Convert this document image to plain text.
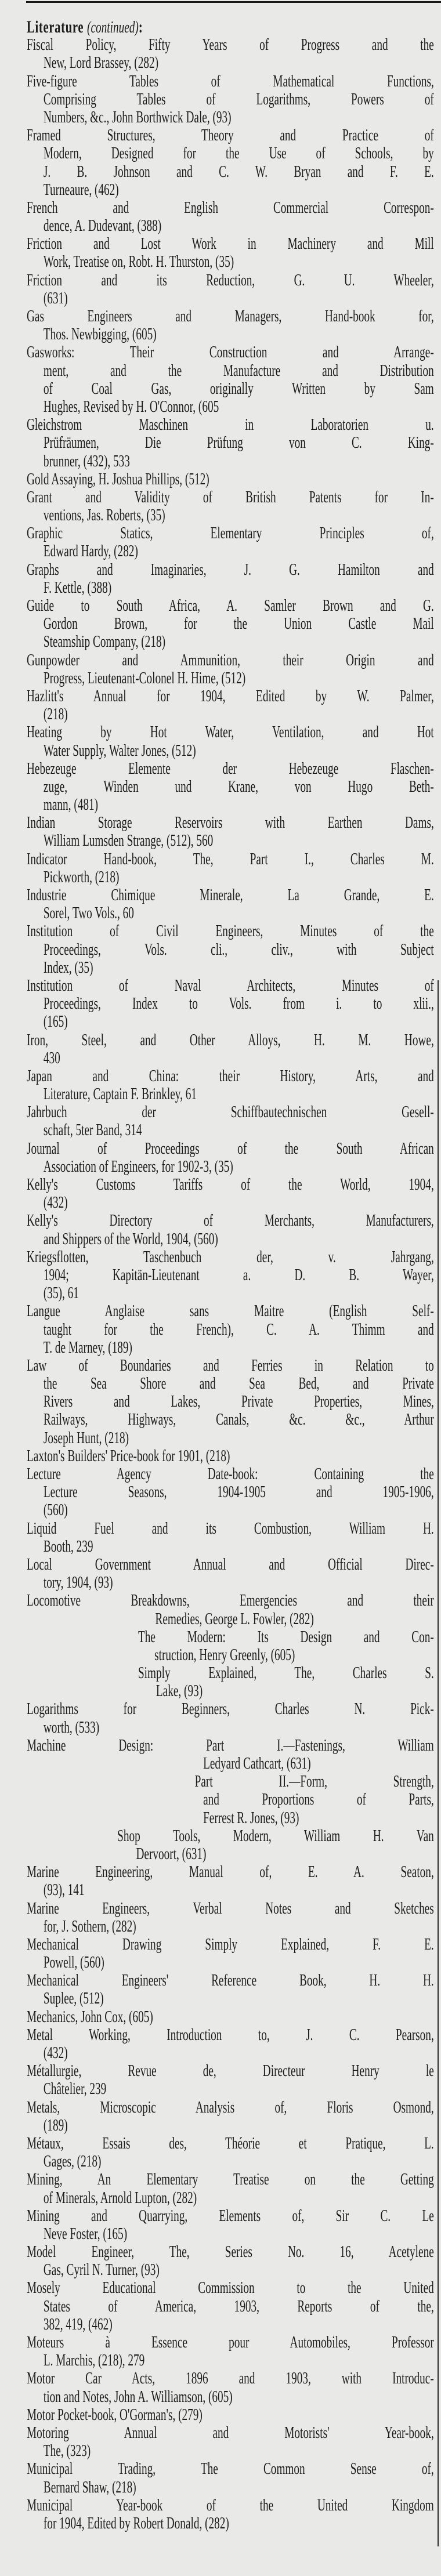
Literature (continued):
Fiscal Policy, Fifty Years of Progress and the
New, Lord Brassey, (282)
Five-figure Tables of Mathematical Functions,
Comprising Tables of Logarithms, Powers of
Numbers, &c., John Borthwick Dale, (93)
Framed Structures, Theory and Practice of
Modern, Designed for the Use of Schools, by
J. B. Johnson and C. W. Bryan and F. E.
Turneaure, (462)
French and English Commercial Correspon-
dence, A. Dudevant, (388)
Friction and Lost Work in Machinery and Mill
Work, Treatise on, Robt. H. Thurston, (35)
Friction and its Reduction, G. U. Wheeler,
(631)
Gas Engineers and Managers, Hand-book for,
Thos. Newbigging, (605)
Gasworks: Their Construction and Arrange-
ment, and the Manufacture and Distribution
of Coal Gas, originally Written by Sam
Hughes, Revised by H. O'Connor, (605
Gleichstrom Maschinen in Laboratorien u.
Prüfräumen, Die Prüfung von C. King-
brunner, (432), 533
Gold Assaying, H. Joshua Phillips, (512)
Grant and Validity of British Patents for In-
ventions, Jas. Roberts, (35)
Graphic Statics, Elementary Principles of,
Edward Hardy, (282)
Graphs and Imaginaries, J. G. Hamilton and
F. Kettle, (388)
Guide to South Africa, A. Samler Brown and G.
Gordon Brown, for the Union Castle Mail
Steamship Company, (218)
Gunpowder and Ammunition, their Origin and
Progress, Lieutenant-Colonel H. Hime, (512)
Hazlitt's Annual for 1904, Edited by W. Palmer,
(218)
Heating by Hot Water, Ventilation, and Hot
Water Supply, Walter Jones, (512)
Hebezeuge Elemente der Hebezeuge Flaschen-
zuge, Winden und Krane, von Hugo Beth-
mann, (481)
Indian Storage Reservoirs with Earthen Dams,
William Lumsden Strange, (512), 560
Indicator Hand-book, The, Part I., Charles M.
Pickworth, (218)
Industrie Chimique Minerale, La Grande, E.
Sorel, Two Vols., 60
Institution of Civil Engineers, Minutes of the
Proceedings, Vols. cli., cliv., with Subject
Index, (35)
Institution of Naval Architects, Minutes of
Proceedings, Index to Vols. from i. to xlii.,
(165)
Iron, Steel, and Other Alloys, H. M. Howe,
430
Japan and China: their History, Arts, and
Literature, Captain F. Brinkley, 61
Jahrbuch der Schiffbautechnischen Gesell-
schaft, 5ter Band, 314
Journal of Proceedings of the South African
Association of Engineers, for 1902-3, (35)
Kelly's Customs Tariffs of the World, 1904,
(432)
Kelly's Directory of Merchants, Manufacturers,
and Shippers of the World, 1904, (560)
Kriegsflotten, Taschenbuch der, v. Jahrgang,
1904; Kapitän-Lieutenant a. D. B. Wayer,
(35), 61
Langue Anglaise sans Maitre (English Self-
taught for the French), C. A. Thimm and
T. de Marney, (189)
Law of Boundaries and Ferries in Relation to
the Sea Shore and Sea Bed, and Private
Rivers and Lakes, Private Properties, Mines,
Railways, Highways, Canals, &c. &c., Arthur
Joseph Hunt, (218)
Laxton's Builders' Price-book for 1901, (218)
Lecture Agency Date-book: Containing the
Lecture Seasons, 1904-1905 and 1905-1906,
(560)
Liquid Fuel and its Combustion, William H.
Booth, 239
Local Government Annual and Official Direc-
tory, 1904, (93)
Locomotive Breakdowns, Emergencies and their
Remedies, George L. Fowler, (282)
The Modern: Its Design and Con-
struction, Henry Greenly, (605)
Simply Explained, The, Charles S.
Lake, (93)
Logarithms for Beginners, Charles N. Pick-
worth, (533)
Machine Design: Part I.—Fastenings, William
Ledyard Cathcart, (631)
Part II.—Form, Strength,
and Proportions of Parts,
Ferrest R. Jones, (93)
Shop Tools, Modern, William H. Van
Dervoort, (631)
Marine Engineering, Manual of, E. A. Seaton,
(93), 141
Marine Engineers, Verbal Notes and Sketches
for, J. Sothern, (282)
Mechanical Drawing Simply Explained, F. E.
Powell, (560)
Mechanical Engineers' Reference Book, H. H.
Suplee, (512)
Mechanics, John Cox, (605)
Metal Working, Introduction to, J. C. Pearson,
(432)
Métallurgie, Revue de, Directeur Henry le
Châtelier, 239
Metals, Microscopic Analysis of, Floris Osmond,
(189)
Métaux, Essais des, Théorie et Pratique, L.
Gages, (218)
Mining, An Elementary Treatise on the Getting
of Minerals, Arnold Lupton, (282)
Mining and Quarrying, Elements of, Sir C. Le
Neve Foster, (165)
Model Engineer, The, Series No. 16, Acetylene
Gas, Cyril N. Turner, (93)
Mosely Educational Commission to the United
States of America, 1903, Reports of the,
382, 419, (462)
Moteurs à Essence pour Automobiles, Professor
L. Marchis, (218), 279
Motor Car Acts, 1896 and 1903, with Introduc-
tion and Notes, John A. Williamson, (605)
Motor Pocket-book, O'Gorman's, (279)
Motoring Annual and Motorists' Year-book,
The, (323)
Municipal Trading, The Common Sense of,
Bernard Shaw, (218)
Municipal Year-book of the United Kingdom
for 1904, Edited by Robert Donald, (282)
